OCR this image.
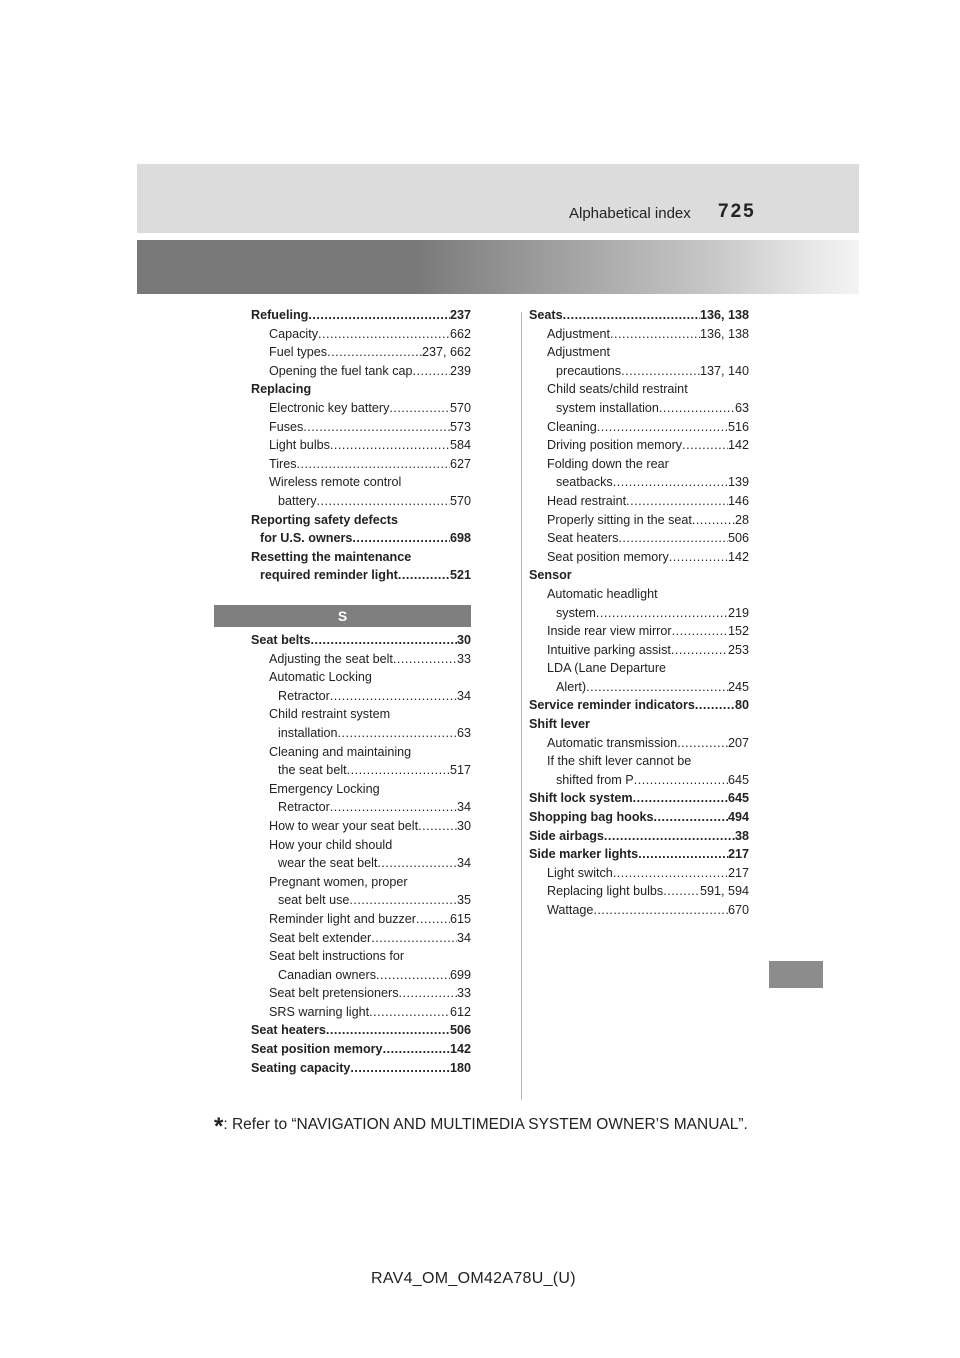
Alphabetical index 725
Refueling .....	237
Capacity .....	662
Fuel types .....	237, 662
Opening the fuel tank cap .....	239
Replacing
Electronic key battery .....	570
Fuses .....	573
Light bulbs .....	584
Tires .....	627
Wireless remote control
battery .....	570
Reporting safety defects
for U.S. owners .....	698
Resetting the maintenance
required reminder light .....	521
S
Seat belts .....	30
Adjusting the seat belt .....	33
Automatic Locking
Retractor .....	34
Child restraint system
installation .....	63
Cleaning and maintaining
the seat belt .....	517
Emergency Locking
Retractor .....	34
How to wear your seat belt .....	30
How your child should
wear the seat belt .....	34
Pregnant women, proper
seat belt use .....	35
Reminder light and buzzer .....	615
Seat belt extender .....	34
Seat belt instructions for
Canadian owners .....	699
Seat belt pretensioners .....	33
SRS warning light .....	612
Seat heaters .....	506
Seat position memory .....	142
Seating capacity .....	180
Seats .....	136, 138
Adjustment .....	136, 138
Adjustment
precautions .....	137, 140
Child seats/child restraint
system installation .....	63
Cleaning .....	516
Driving position memory .....	142
Folding down the rear
seatbacks .....	139
Head restraint .....	146
Properly sitting in the seat .....	28
Seat heaters .....	506
Seat position memory .....	142
Sensor
Automatic headlight
system .....	219
Inside rear view mirror .....	152
Intuitive parking assist .....	253
LDA (Lane Departure
Alert) .....	245
Service reminder indicators .....	80
Shift lever
Automatic transmission .....	207
If the shift lever cannot be
shifted from P .....	645
Shift lock system .....	645
Shopping bag hooks .....	494
Side airbags .....	38
Side marker lights .....	217
Light switch .....	217
Replacing light bulbs .....	591, 594
Wattage .....	670
*: Refer to “NAVIGATION AND MULTIMEDIA SYSTEM OWNER’S MANUAL”.
RAV4_OM_OM42A78U_(U)
